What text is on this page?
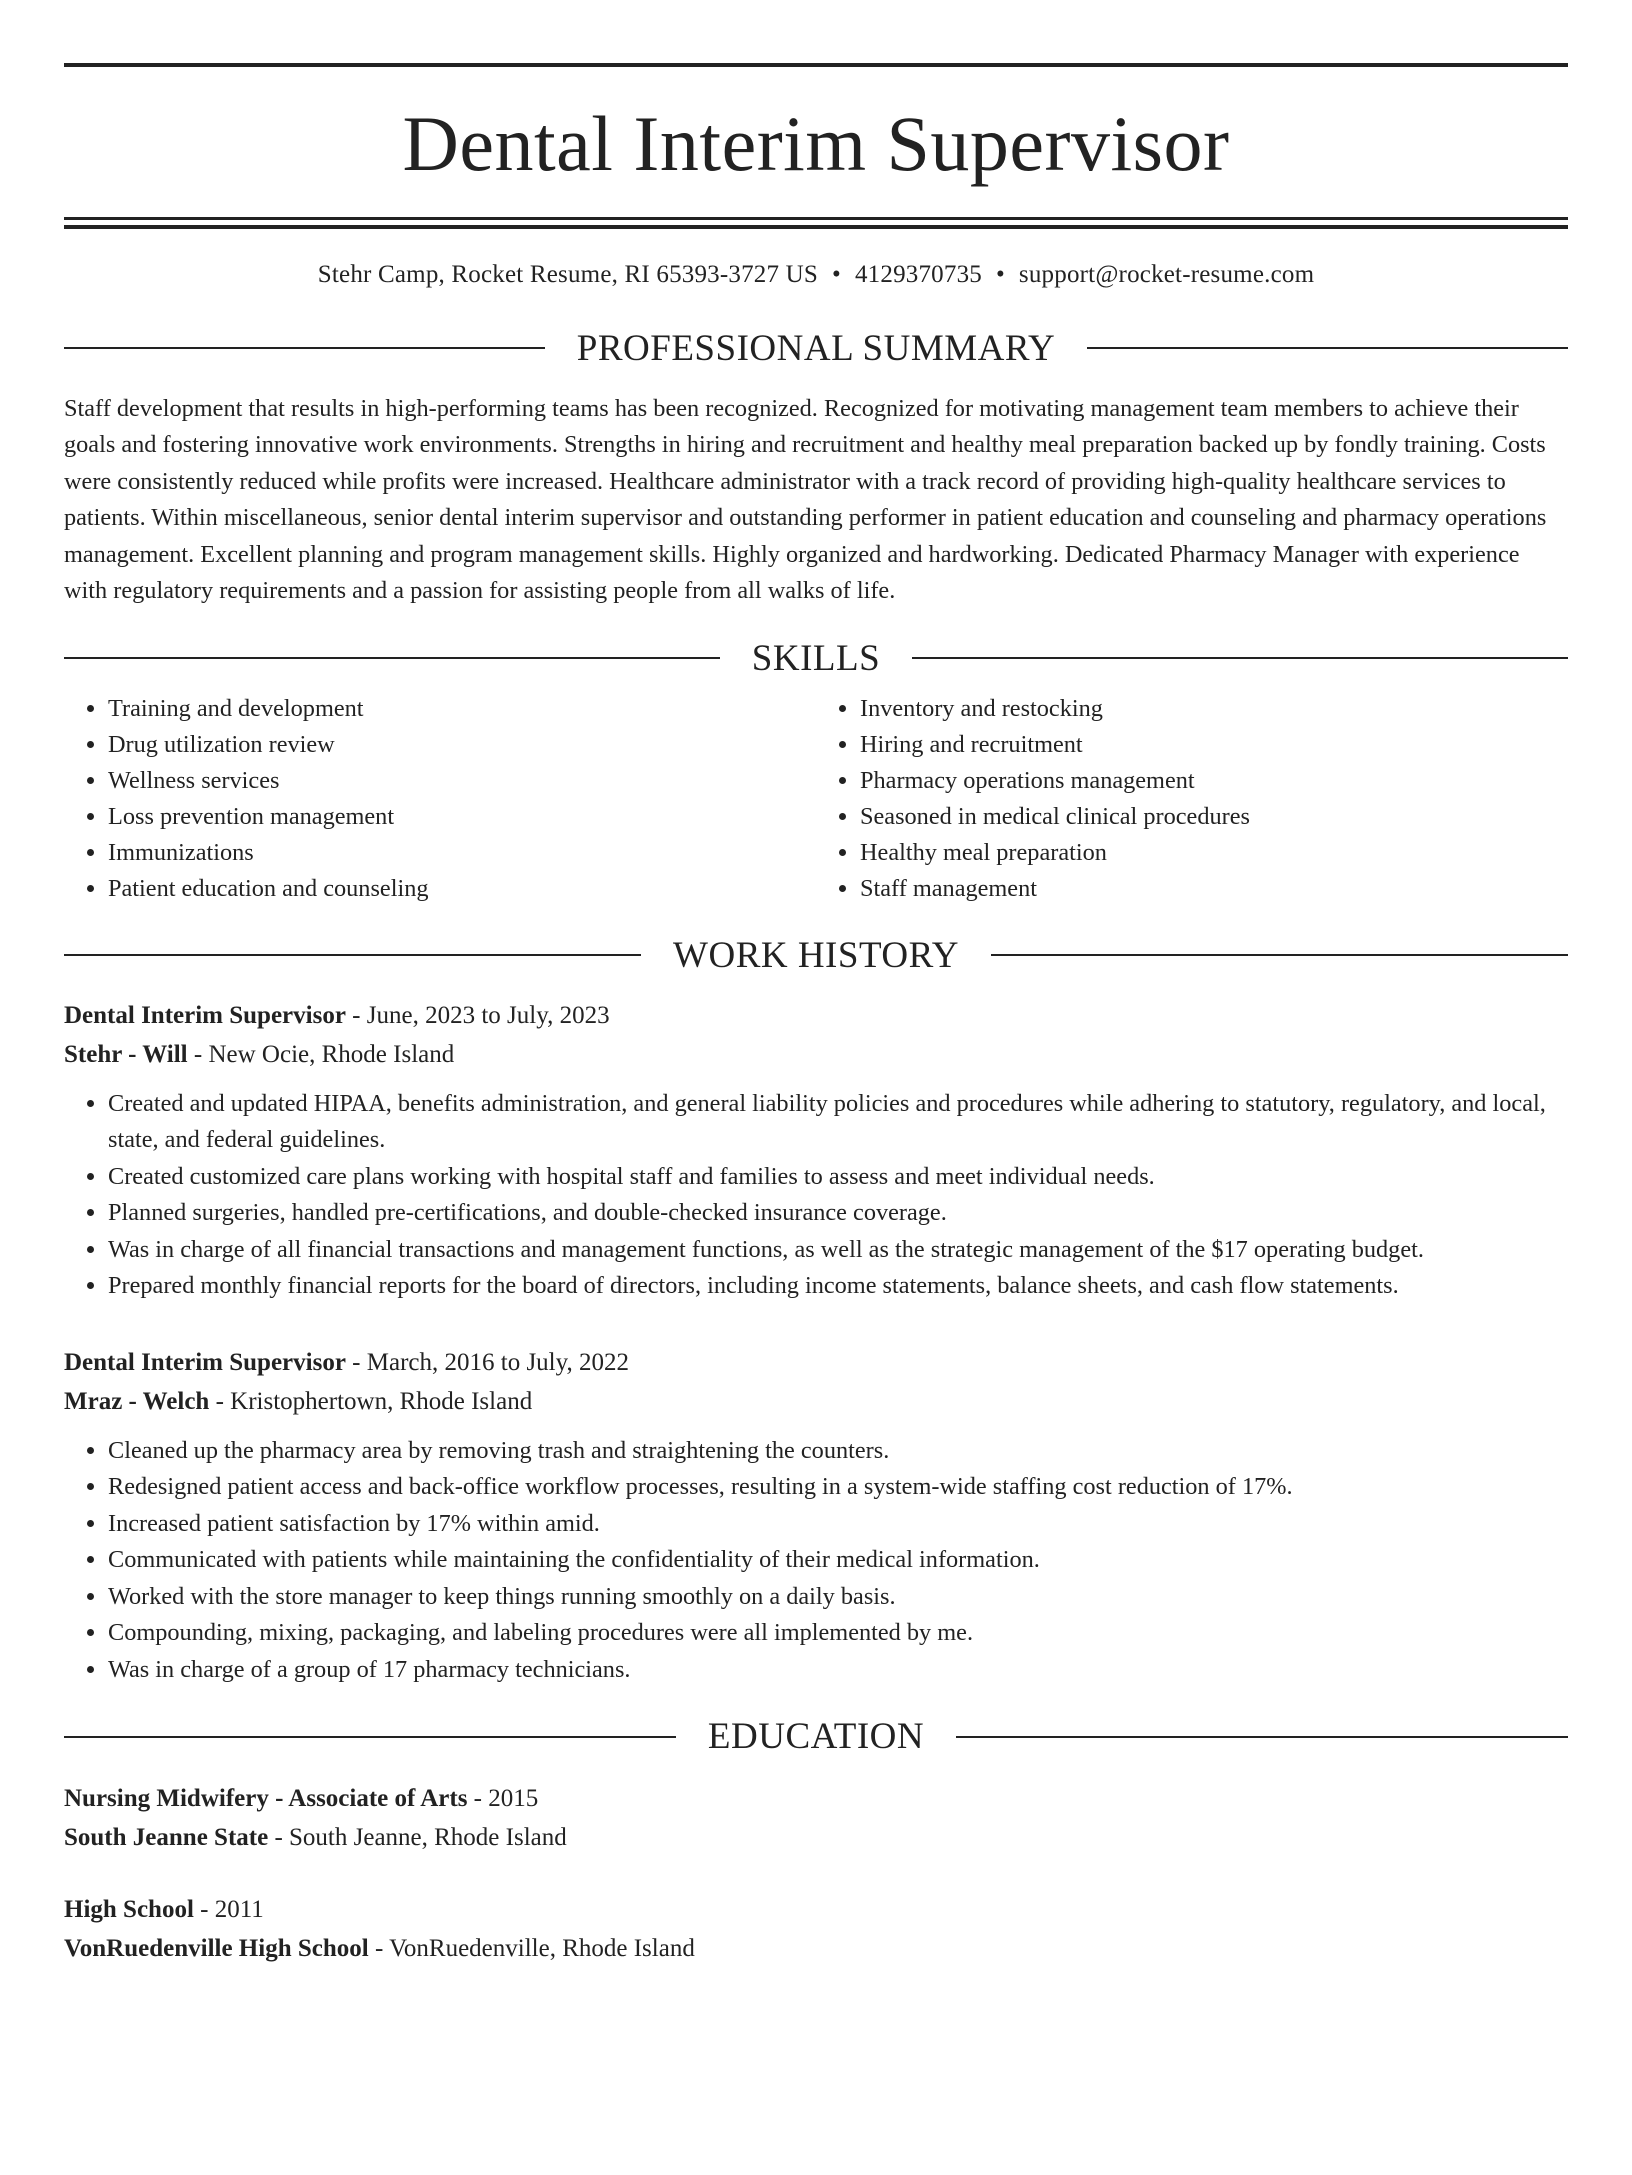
Dental Interim Supervisor
Stehr Camp, Rocket Resume, RI 65393-3727 US • 4129370735 • support@rocket-resume.com
PROFESSIONAL SUMMARY
Staff development that results in high-performing teams has been recognized. Recognized for motivating management team members to achieve their goals and fostering innovative work environments. Strengths in hiring and recruitment and healthy meal preparation backed up by fondly training. Costs were consistently reduced while profits were increased. Healthcare administrator with a track record of providing high-quality healthcare services to patients. Within miscellaneous, senior dental interim supervisor and outstanding performer in patient education and counseling and pharmacy operations management. Excellent planning and program management skills. Highly organized and hardworking. Dedicated Pharmacy Manager with experience with regulatory requirements and a passion for assisting people from all walks of life.
SKILLS
• Training and development
• Drug utilization review
• Wellness services
• Loss prevention management
• Immunizations
• Patient education and counseling
• Inventory and restocking
• Hiring and recruitment
• Pharmacy operations management
• Seasoned in medical clinical procedures
• Healthy meal preparation
• Staff management
WORK HISTORY
Dental Interim Supervisor - June, 2023 to July, 2023
Stehr - Will - New Ocie, Rhode Island
• Created and updated HIPAA, benefits administration, and general liability policies and procedures while adhering to statutory, regulatory, and local, state, and federal guidelines.
• Created customized care plans working with hospital staff and families to assess and meet individual needs.
• Planned surgeries, handled pre-certifications, and double-checked insurance coverage.
• Was in charge of all financial transactions and management functions, as well as the strategic management of the $17 operating budget.
• Prepared monthly financial reports for the board of directors, including income statements, balance sheets, and cash flow statements.
Dental Interim Supervisor - March, 2016 to July, 2022
Mraz - Welch - Kristophertown, Rhode Island
• Cleaned up the pharmacy area by removing trash and straightening the counters.
• Redesigned patient access and back-office workflow processes, resulting in a system-wide staffing cost reduction of 17%.
• Increased patient satisfaction by 17% within amid.
• Communicated with patients while maintaining the confidentiality of their medical information.
• Worked with the store manager to keep things running smoothly on a daily basis.
• Compounding, mixing, packaging, and labeling procedures were all implemented by me.
• Was in charge of a group of 17 pharmacy technicians.
EDUCATION
Nursing Midwifery - Associate of Arts - 2015
South Jeanne State - South Jeanne, Rhode Island
High School - 2011
VonRuedenville High School - VonRuedenville, Rhode Island
